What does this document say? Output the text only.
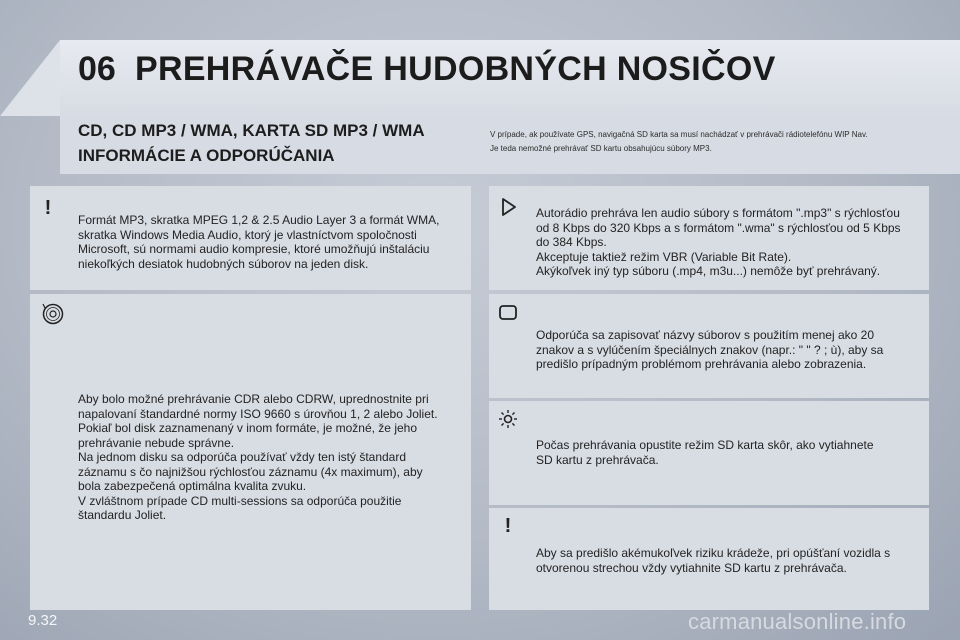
06 PREHRÁVAČE HUDOBNÝCH NOSIČOV
CD, CD MP3 / WMA, KARTA SD MP3 / WMA
INFORMÁCIE A ODPORÚČANIA
V prípade, ak používate GPS, navigačná SD karta sa musí nachádzať v prehrávači rádiotelefónu WIP Nav.
Je teda nemožné prehrávať SD kartu obsahujúcu súbory MP3.
!
Formát MP3, skratka MPEG 1,2 & 2.5 Audio Layer 3 a formát WMA,
skratka Windows Media Audio, ktorý je vlastníctvom spoločnosti
Microsoft, sú normami audio kompresie, ktoré umožňujú inštaláciu
niekoľkých desiatok hudobných súborov na jeden disk.
Aby bolo možné prehrávanie CDR alebo CDRW, uprednostnite pri
napalovaní štandardné normy ISO 9660 s úrovňou 1, 2 alebo Joliet.
Pokiaľ bol disk zaznamenaný v inom formáte, je možné, že jeho
prehrávanie nebude správne.
Na jednom disku sa odporúča používať vždy ten istý štandard
záznamu s čo najnižšou rýchlosťou záznamu (4x maximum), aby
bola zabezpečená optimálna kvalita zvuku.
V zvláštnom prípade CD multi-sessions sa odporúča použitie
štandardu Joliet.
Autorádio prehráva len audio súbory s formátom ".mp3" s rýchlosťou
od 8 Kbps do 320 Kbps a s formátom ".wma" s rýchlosťou od 5 Kbps
do 384 Kbps.
Akceptuje taktiež režim VBR (Variable Bit Rate).
Akýkoľvek iný typ súboru (.mp4, m3u...) nemôže byť prehrávaný.
Odporúča sa zapisovať názvy súborov s použitím menej ako 20
znakov a s vylúčením špeciálnych znakov (napr.: " " ? ; ù), aby sa
predišlo prípadným problémom prehrávania alebo zobrazenia.
Počas prehrávania opustite režim SD karta skôr, ako vytiahnete
SD kartu z prehrávača.
!
Aby sa predišlo akémukoľvek riziku krádeže, pri opúšťaní vozidla s
otvorenou strechou vždy vytiahnite SD kartu z prehrávača.
9.32	carmanualsonline.info
